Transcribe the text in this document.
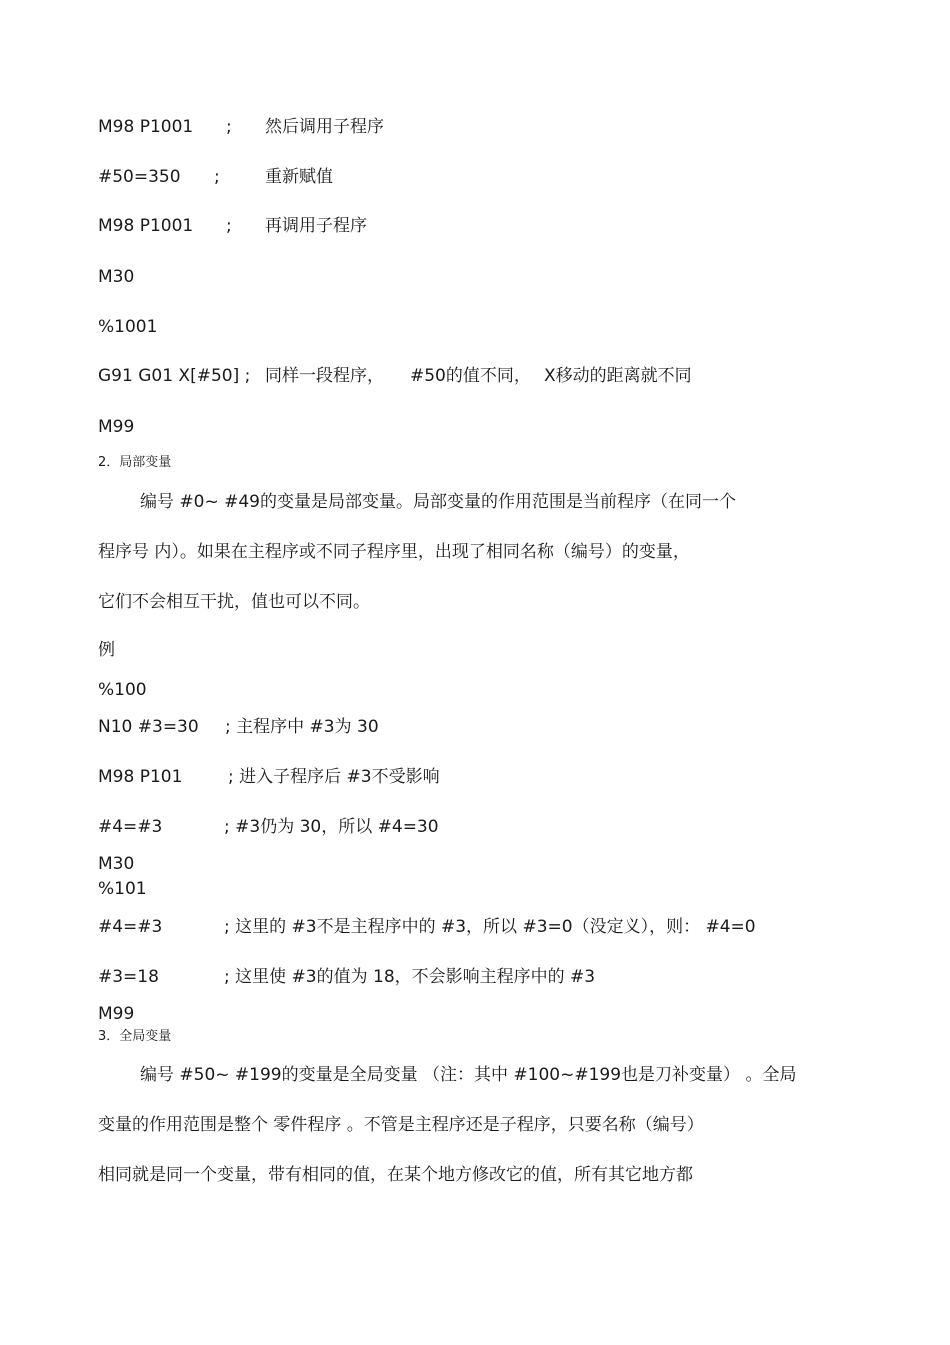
M98 P1001 ; 然后调用子程序
#50=350 ;	重新赋值
M98 P1001 ; 再调用子程序
M30
%1001
G91 G01 X[#50] ; 同样一段程序， #50的值不同， X移动的距离就不同
M99
2．局部变量
编号 #0~ #49的变量是局部变量。局部变量的作用范围是当前程序（在同一个
程序号 内）。如果在主程序或不同子程序里，出现了相同名称（编号）的变量，
它们不会相互干扰，值也可以不同。
例
%100
N10 #3=30 ; 主程序中 #3为 30
M98 P101	; 进入子程序后 #3不受影响
#4=#3	; #3仍为 30，所以 #4=30
M30
%101
#4=#3	; 这里的 #3不是主程序中的 #3，所以 #3=0（没定义），则： #4=0
#3=18	; 这里使 #3的值为 18，不会影响主程序中的 #3
M99
3．全局变量
编号 #50~ #199的变量是全局变量 （注：其中 #100~#199也是刀补变量） 。全局
变量的作用范围是整个 零件程序 。不管是主程序还是子程序，只要名称（编号）
相同就是同一个变量，带有相同的值，在某个地方修改它的值，所有其它地方都
